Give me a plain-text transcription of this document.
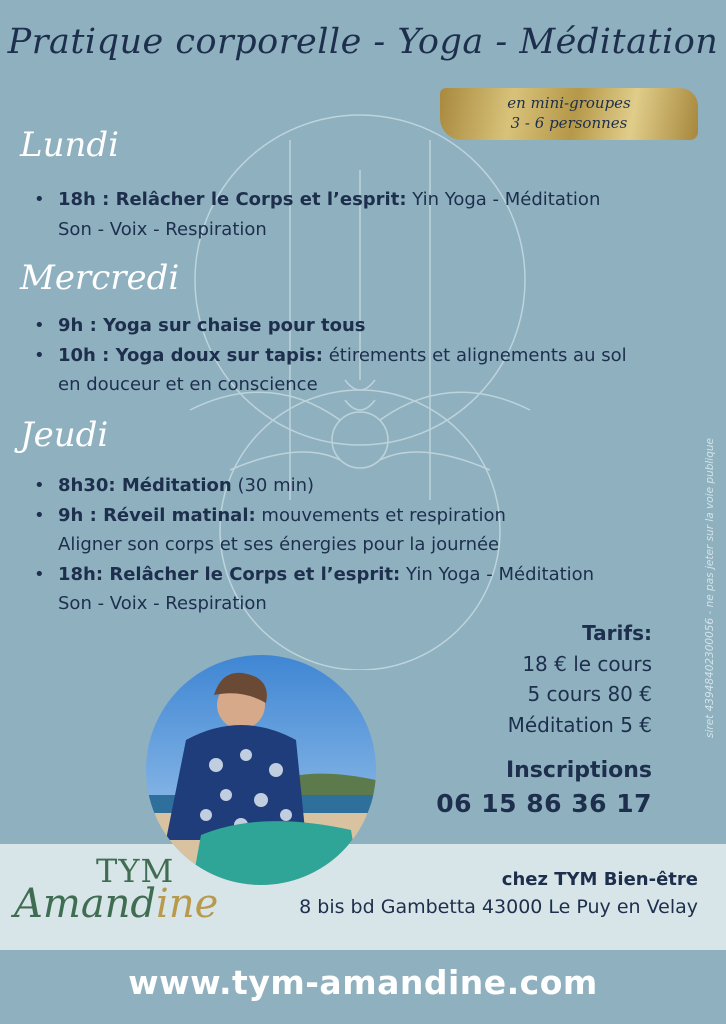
Pratique corporelle - Yoga - Méditation
en mini-groupes
3 - 6 personnes
Lundi
• 18h : Relâcher le Corps et l’esprit: Yin Yoga - Méditation
Son - Voix - Respiration
Mercredi
• 9h : Yoga sur chaise pour tous
• 10h : Yoga doux sur tapis: étirements et alignements au sol
en douceur et en conscience
Jeudi
• 8h30: Méditation (30 min)
• 9h : Réveil matinal: mouvements et respiration
Aligner son corps et ses énergies pour la journée
• 18h: Relâcher le Corps et l’esprit: Yin Yoga - Méditation
Son - Voix - Respiration
Tarifs:
18 € le cours
5 cours 80 €
Méditation 5 €
Inscriptions
06 15 86 36 17
siret 43948402300056 - ne pas jeter sur la voie publique
TYM
Amandine
chez TYM Bien-être
8 bis bd Gambetta 43000 Le Puy en Velay
www.tym-amandine.com
